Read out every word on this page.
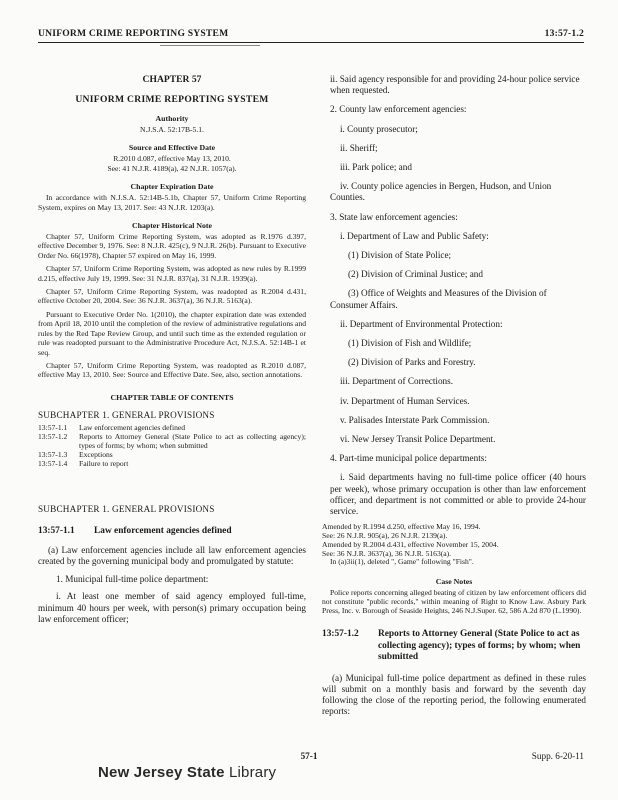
UNIFORM CRIME REPORTING SYSTEM	13:57-1.2
CHAPTER 57
UNIFORM CRIME REPORTING SYSTEM
Authority
N.J.S.A. 52:17B-5.1.
Source and Effective Date
R.2010 d.087, effective May 13, 2010.
See: 41 N.J.R. 4189(a), 42 N.J.R. 1057(a).
Chapter Expiration Date

In accordance with N.J.S.A. 52:14B-5.1b, Chapter 57, Uniform Crime Reporting System, expires on May 13, 2017. See: 43 N.J.R. 1203(a).

Chapter Historical Note

Chapter 57, Uniform Crime Reporting System, was adopted as R.1976 d.397, effective December 9, 1976. See: 8 N.J.R. 425(c), 9 N.J.R. 26(b). Pursuant to Executive Order No. 66(1978), Chapter 57 expired on May 16, 1999.

Chapter 57, Uniform Crime Reporting System, was adopted as new rules by R.1999 d.215, effective July 19, 1999. See: 31 N.J.R. 837(a), 31 N.J.R. 1939(a).

Chapter 57, Uniform Crime Reporting System, was readopted as R.2004 d.431, effective October 20, 2004. See: 36 N.J.R. 3637(a), 36 N.J.R. 5163(a).

Pursuant to Executive Order No. 1(2010), the chapter expiration date was extended from April 18, 2010 until the completion of the review of administrative regulations and rules by the Red Tape Review Group, and until such time as the extended regulation or rule was readopted pursuant to the Administrative Procedure Act, N.J.S.A. 52:14B-1 et seq.

Chapter 57, Uniform Crime Reporting System, was readopted as R.2010 d.087, effective May 13, 2010. See: Source and Effective Date. See, also, section annotations.

CHAPTER TABLE OF CONTENTS
SUBCHAPTER 1. GENERAL PROVISIONS
13:57-1.1	Law enforcement agencies defined
13:57-1.2	Reports to Attorney General (State Police to act as collecting agency); types of forms; by whom; when submitted
13:57-1.3	Exceptions
13:57-1.4	Failure to report
SUBCHAPTER 1. GENERAL PROVISIONS
13:57-1.1	Law enforcement agencies defined

(a) Law enforcement agencies include all law enforcement agencies created by the governing municipal body and promulgated by statute:

1. Municipal full-time police department:

i. At least one member of said agency employed full-time, minimum 40 hours per week, with person(s) primary occupation being law enforcement officer;

ii. Said agency responsible for and providing 24-hour police service when requested.
2. County law enforcement agencies:
i. County prosecutor;
ii. Sheriff;
iii. Park police; and
iv. County police agencies in Bergen, Hudson, and Union Counties.
3. State law enforcement agencies:
i. Department of Law and Public Safety:
(1) Division of State Police;
(2) Division of Criminal Justice; and
(3) Office of Weights and Measures of the Division of Consumer Affairs.
ii. Department of Environmental Protection:
(1) Division of Fish and Wildlife;
(2) Division of Parks and Forestry.
iii. Department of Corrections.
iv. Department of Human Services.
v. Palisades Interstate Park Commission.
vi. New Jersey Transit Police Department.
4. Part-time municipal police departments:
i. Said departments having no full-time police officer (40 hours per week), whose primary occupation is other than law enforcement officer, and department is not committed or able to provide 24-hour service.
Amended by R.1994 d.250, effective May 16, 1994.
See: 26 N.J.R. 905(a), 26 N.J.R. 2139(a).
Amended by R.2004 d.431, effective November 15, 2004.
See: 36 N.J.R. 3637(a), 36 N.J.R. 5163(a).
In (a)3ii(1), deleted ", Game" following "Fish".
Case Notes
Police reports concerning alleged beating of citizen by law enforcement officers did not constitute "public records," within meaning of Right to Know Law. Asbury Park Press, Inc. v. Borough of Seaside Heights, 246 N.J.Super. 62, 586 A.2d 870 (L.1990).
13:57-1.2	Reports to Attorney General (State Police to act as collecting agency); types of forms; by whom; when submitted

(a) Municipal full-time police department as defined in these rules will submit on a monthly basis and forward by the seventh day following the close of the reporting period, the following enumerated reports:

57-1	Supp. 6-20-11
New Jersey State Library
